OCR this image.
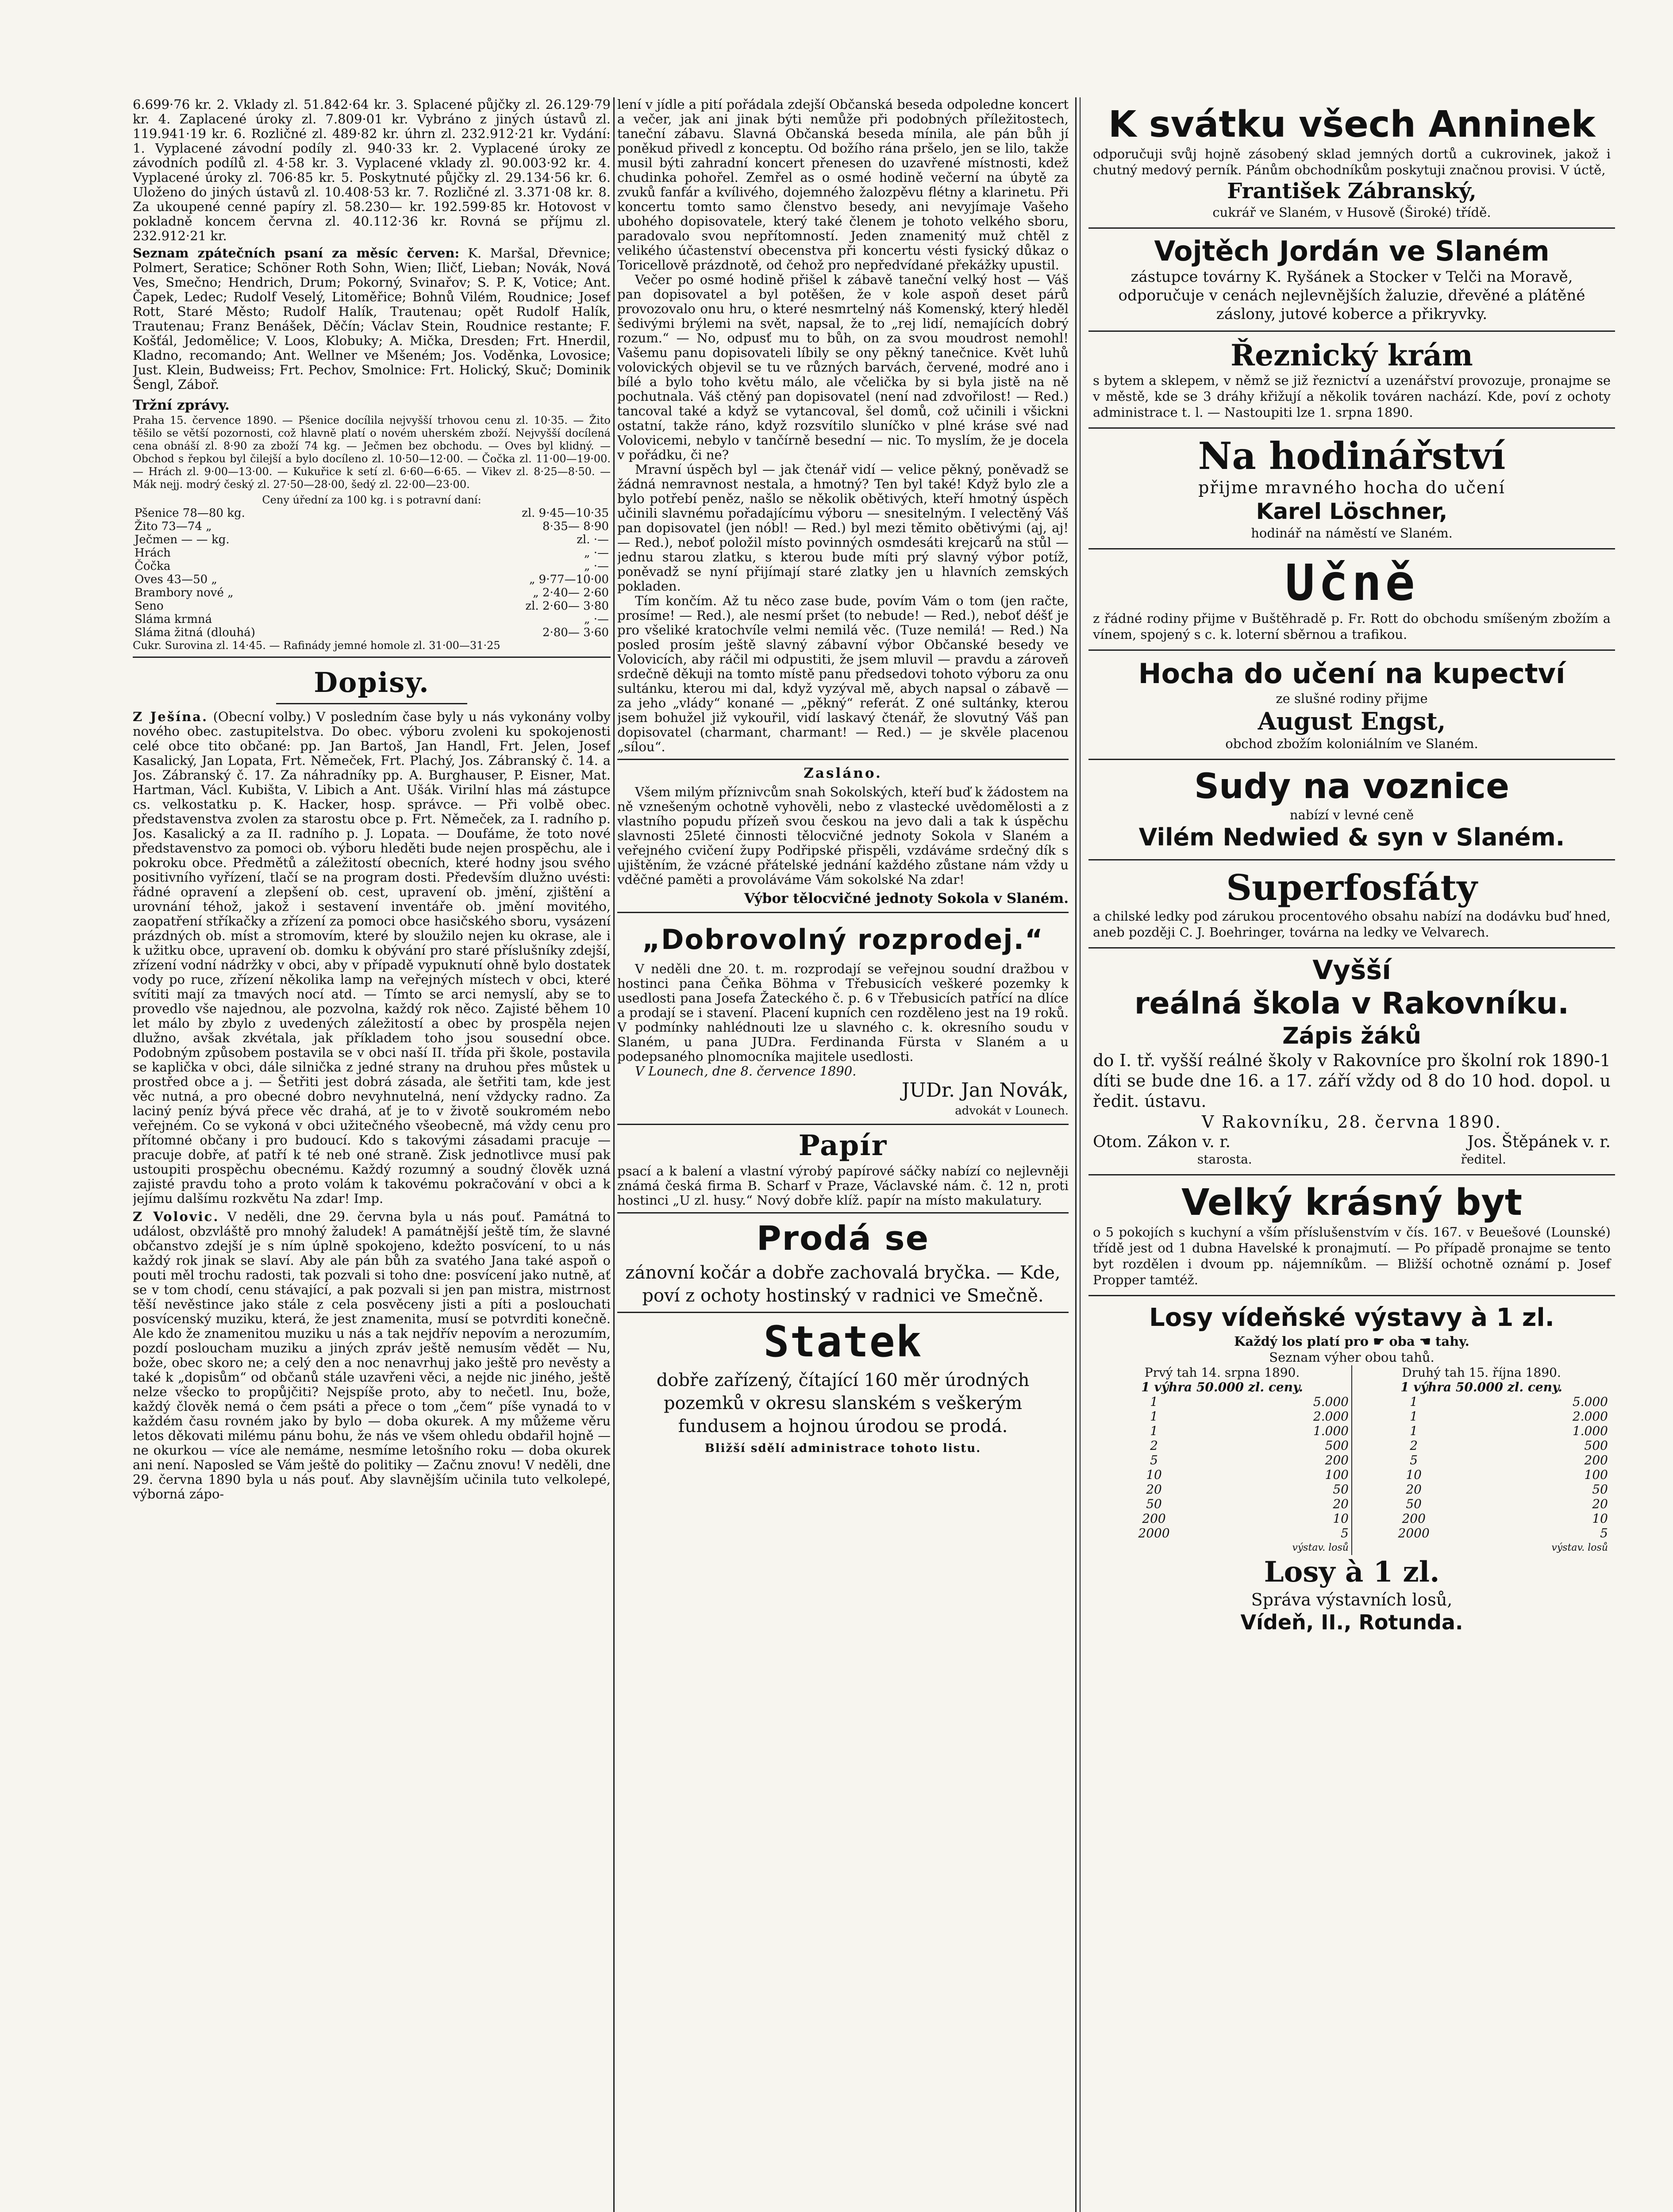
6.699·76 kr. 2. Vklady zl. 51.842·64 kr. 3. Splacené půjčky zl. 26.129·79 kr. 4. Zaplacené úroky zl. 7.809·01 kr. Vybráno z jiných ústavů zl. 119.941·19 kr. 6. Rozličné zl. 489·82 kr. úhrn zl. 232.912·21 kr. Vydání: 1. Vyplacené závodní podíly zl. 940·33 kr. 2. Vyplacené úroky ze závodních podílů zl. 4·58 kr. 3. Vyplacené vklady zl. 90.003·92 kr. 4. Vyplacené úroky zl. 706·85 kr. 5. Poskytnuté půjčky zl. 29.134·56 kr. 6. Uloženo do jiných ústavů zl. 10.408·53 kr. 7. Rozličné zl. 3.371·08 kr. 8. Za ukoupené cenné papíry zl. 58.230— kr. 192.599·85 kr. Hotovost v pokladně koncem června zl. 40.112·36 kr. Rovná se příjmu zl. 232.912·21 kr.

Seznam zpátečních psaní za měsíc červen: K. Maršal, Dřevnice; Polmert, Seratice; Schöner Roth Sohn, Wien; Iličť, Lieban; Novák, Nová Ves, Smečno; Hendrich, Drum; Pokorný, Svinařov; S. P. K, Votice; Ant. Čapek, Ledec; Rudolf Veselý, Litoměřice; Bohnů Vilém, Roudnice; Josef Rott, Staré Město; Rudolf Halík, Trautenau; opět Rudolf Halík, Trautenau; Franz Benášek, Děčín; Václav Stein, Roudnice restante; F. Košťál, Jedomělice; V. Loos, Klobuky; A. Mička, Dresden; Frt. Hnerdil, Kladno, recomando; Ant. Wellner ve Mšeném; Jos. Voděnka, Lovosice; Just. Klein, Budweiss; Frt. Pechov, Smolnice: Frt. Holický, Skuč; Dominik Šengl, Záboř.

Tržní zprávy.

Praha 15. července 1890. — Pšenice docílila nejvyšší trhovou cenu zl. 10·35. — Žito těšilo se větší pozornosti, což hlavně platí o novém uherském zboží. Nejvyšší docílená cena obnáší zl. 8·90 za zboží 74 kg. — Ječmen bez obchodu. — Oves byl klidný. — Obchod s řepkou byl čilejší a bylo docíleno zl. 10·50—12·00. — Čočka zl. 11·00—19·00. — Hrách zl. 9·00—13·00. — Kukuřice k setí zl. 6·60—6·65. — Vikev zl. 8·25—8·50. — Mák nejj. modrý český zl. 27·50—28·00, šedý zl. 22·00—23·00.

Ceny úřední za 100 kg. i s potravní daní:

Pšenice 78—80 kg.	zl. 9·45—10·35
Žito 73—74 „	8·35— 8·90
Ječmen — — kg.	zl. ·—
Hrách	„ ·—
Čočka	„ ·—
Oves 43—50 „	„ 9·77—10·00
Brambory nové „	„ 2·40— 2·60
Seno	zl. 2·60— 3·80
Sláma krmná	„ ·—
Sláma žitná (dlouhá)	2·80— 3·60

Cukr. Surovina zl. 14·45. — Rafinády jemné homole zl. 31·00—31·25

Dopisy.

Z Ješína. (Obecní volby.) V posledním čase byly u nás vykonány volby nového obec. zastupitelstva. Do obec. výboru zvoleni ku spokojenosti celé obce tito občané: pp. Jan Bartoš, Jan Handl, Frt. Jelen, Josef Kasalický, Jan Lopata, Frt. Němeček, Frt. Plachý, Jos. Zábranský č. 14. a Jos. Zábranský č. 17. Za náhradníky pp. A. Burghauser, P. Eisner, Mat. Hartman, Václ. Kubišta, V. Libich a Ant. Ušák. Virilní hlas má zástupce cs. velkostatku p. K. Hacker, hosp. správce. — Při volbě obec. představenstva zvolen za starostu obce p. Frt. Němeček, za I. radního p. Jos. Kasalický a za II. radního p. J. Lopata. — Doufáme, že toto nové představenstvo za pomoci ob. výboru hleděti bude nejen prospěchu, ale i pokroku obce. Předmětů a záležitostí obecních, které hodny jsou svého positivního vyřízení, tlačí se na program dosti. Především dlužno uvésti: řádné opravení a zlepšení ob. cest, upravení ob. jmění, zjištění a urovnání téhož, jakož i sestavení inventáře ob. jmění movitého, zaopatření stříkačky a zřízení za pomoci obce hasičského sboru, vysázení prázdných ob. míst a stromovím, které by sloužilo nejen ku okrase, ale i k užitku obce, upravení ob. domku k obývání pro staré příslušníky zdejší, zřízení vodní nádržky v obci, aby v případě vypuknutí ohně bylo dostatek vody po ruce, zřízení několika lamp na veřejných místech v obci, které svítiti mají za tmavých nocí atd. — Tímto se arci nemyslí, aby se to provedlo vše najednou, ale pozvolna, každý rok něco. Zajisté během 10 let málo by zbylo z uvedených záležitostí a obec by prospěla nejen dlužno, avšak zkvétala, jak příkladem toho jsou sousední obce. Podobným způsobem postavila se v obci naší II. třída při škole, postavila se kaplička v obci, dále silnička z jedné strany na druhou přes můstek u prostřed obce a j. — Šetřiti jest dobrá zásada, ale šetřiti tam, kde jest věc nutná, a pro obecné dobro nevyhnutelná, není vždycky radno. Za laciný peníz bývá přece věc drahá, ať je to v životě soukromém nebo veřejném. Co se vykoná v obci užitečného všeobecně, má vždy cenu pro přítomné občany i pro budoucí. Kdo s takovými zásadami pracuje — pracuje dobře, ať patří k té neb oné straně. Zisk jednotlivce musí pak ustoupiti prospěchu obecnému. Každý rozumný a soudný člověk uzná zajisté pravdu toho a proto volám k takovému pokračování v obci a k jejímu dalšímu rozkvětu Na zdar! Imp.

Z Volovic. V neděli, dne 29. června byla u nás pouť. Památná to událost, obzvláště pro mnohý žaludek! A památnější ještě tím, že slavné občanstvo zdejší je s ním úplně spokojeno, kdežto posvícení, to u nás každý rok jinak se slaví. Aby ale pán bůh za svatého Jana také aspoň o pouti měl trochu radosti, tak pozvali si toho dne: posvícení jako nutně, ať se v tom chodí, cenu stávající, a pak pozvali si jen pan mistra, mistrnost těší nevěstince jako stále z cela posvěceny jisti a píti a poslouchati posvícenský muziku, která, že jest znamenita, musí se potvrditi konečně. Ale kdo že znamenitou muziku u nás a tak nejdřív nepovím a nerozumím, pozdí posloucham muziku a jiných zpráv ještě nemusím vědět — Nu, bože, obec skoro ne; a celý den a noc nenavrhuj jako ještě pro nevěsty a také k „dopisům“ od občanů stále uzavřeni věci, a nejde nic jiného, ještě nelze všecko to propůjčiti? Nejspíše proto, aby to nečetl. Inu, bože, každý člověk nemá o čem psáti a přece o tom „čem“ píše vynadá to v každém času rovném jako by bylo — doba okurek. A my můžeme věru letos děkovati milému pánu bohu, že nás ve všem ohledu obdařil hojně — ne okurkou — více ale nemáme, nesmíme letošního roku — doba okurek ani není. Naposled se Vám ještě do politiky — Začnu znovu! V neděli, dne 29. června 1890 byla u nás pouť. Aby slavnějším učinila tuto velkolepé, výborná zápo-

lení v jídle a pití pořádala zdejší Občanská beseda odpoledne koncert a večer, jak ani jinak býti nemůže při podobných příležitostech, taneční zábavu. Slavná Občanská beseda mínila, ale pán bůh jí poněkud přivedl z konceptu. Od božího rána pršelo, jen se lilo, takže musil býti zahradní koncert přenesen do uzavřené místnosti, kdež chudinka pohořel. Zemřel as o osmé hodině večerní na úbytě za zvuků fanfár a kvílivého, dojemného žalozpěvu flétny a klarinetu. Při koncertu tomto samo členstvo besedy, ani nevyjímaje Vašeho ubohého dopisovatele, který také členem je tohoto velkého sboru, paradovalo svou nepřítomností. Jeden znamenitý muž chtěl z velikého účastenství obecenstva při koncertu vésti fysický důkaz o Toricellově prázdnotě, od čehož pro nepředvídané překážky upustil.

Večer po osmé hodině přišel k zábavě taneční velký host — Váš pan dopisovatel a byl potěšen, že v kole aspoň deset párů provozovalo onu hru, o které nesmrtelný náš Komenský, který hleděl šedivými brýlemi na svět, napsal, že to „rej lidí, nemajících dobrý rozum.“ — No, odpusť mu to bůh, on za svou moudrost nemohl! Vašemu panu dopisovateli líbily se ony pěkný tanečnice. Květ luhů volovických objevil se tu ve různých barvách, červené, modré ano i bílé a bylo toho květu málo, ale včelička by si byla jistě na ně pochutnala. Váš ctěný pan dopisovatel (není nad zdvořilost! — Red.) tancoval také a když se vytancoval, šel domů, což učinili i všickni ostatní, takže ráno, když rozsvítilo sluníčko v plné kráse své nad Volovicemi, nebylo v tančírně besední — nic. To myslím, že je docela v pořádku, či ne?

Mravní úspěch byl — jak čtenář vidí — velice pěkný, poněvadž se žádná nemravnost nestala, a hmotný? Ten byl také! Když bylo zle a bylo potřebí peněz, našlo se několik obětivých, kteří hmotný úspěch učinili slavnému pořadajícímu výboru — snesitelným. I velectěný Váš pan dopisovatel (jen nóbl! — Red.) byl mezi těmito obětivými (aj, aj! — Red.), neboť položil místo povinných osmdesáti krejcarů na stůl — jednu starou zlatku, s kterou bude míti prý slavný výbor potíž, poněvadž se nyní přijímají staré zlatky jen u hlavních zemských pokladen.

Tím končím. Až tu něco zase bude, povím Vám o tom (jen račte, prosíme! — Red.), ale nesmí pršet (to nebude! — Red.), neboť déšť je pro všeliké kratochvíle velmi nemilá věc. (Tuze nemilá! — Red.) Na posled prosím ještě slavný zábavní výbor Občanské besedy ve Volovicích, aby ráčil mi odpustiti, že jsem mluvil — pravdu a zároveň srdečně děkuji na tomto místě panu předsedovi tohoto výboru za onu sultánku, kterou mi dal, když vyzýval mě, abych napsal o zábavě — za jeho „vlády“ konané — „pěkný“ referát. Z oné sultánky, kterou jsem bohužel již vykouřil, vidí laskavý čtenář, že slovutný Váš pan dopisovatel (charmant, charmant! — Red.) — je skvěle placenou „sílou“.

Zasláno.

Všem milým příznivcům snah Sokolských, kteří buď k žádostem na ně vznešeným ochotně vyhověli, nebo z vlastecké uvědomělosti a z vlastního popudu přízeň svou českou na jevo dali a tak k úspěchu slavnosti 25leté činnosti tělocvičné jednoty Sokola v Slaném a veřejného cvičení župy Podřipské přispěli, vzdáváme srdečný dík s ujištěním, že vzácné přátelské jednání každého zůstane nám vždy u vděčné paměti a provoláváme Vám sokolské Na zdar!

Výbor tělocvičné jednoty Sokola v Slaném.

„Dobrovolný rozprodej.“

V neděli dne 20. t. m. rozprodají se veřejnou soudní dražbou v hostinci pana Čeňka Böhma v Třebusicích veškeré pozemky k usedlosti pana Josefa Žateckého č. p. 6 v Třebusicích patřící na dlíce a prodají se i stavení. Placení kupních cen rozděleno jest na 19 roků. V podmínky nahlédnouti lze u slavného c. k. okresního soudu v Slaném, u pana JUDra. Ferdinanda Fürsta v Slaném a u podepsaného plnomocníka majitele usedlosti.

V Lounech, dne 8. července 1890.

JUDr. Jan Novák,

advokát v Lounech.

Papír

psací a k balení a vlastní výrobý papírové sáčky nabízí co nejlevněji známá česká firma B. Scharf v Praze, Václavské nám. č. 12 n, proti hostinci „U zl. husy.“ Nový dobře klíž. papír na místo makulatury.

Prodá se

zánovní kočár a dobře zachovalá bryčka. — Kde, poví z ochoty hostinský v radnici ve Smečně.

Statek

dobře zařízený, čítající 160 měr úrodných pozemků v okresu slanském s veškerým fundusem a hojnou úrodou se prodá.

Bližší sdělí administrace tohoto listu.

K svátku všech Anninek

odporučuji svůj hojně zásobený sklad jemných dortů a cukrovinek, jakož i chutný medový perník. Pánům obchodníkům poskytuji značnou provisi. V úctě,

František Zábranský,

cukrář ve Slaném, v Husově (Široké) třídě.

Vojtěch Jordán ve Slaném

zástupce továrny K. Ryšánek a Stocker v Telči na Moravě, odporučuje v cenách nejlevnějších žaluzie, dřevěné a plátěné záslony, jutové koberce a přikryvky.

Řeznický krám

s bytem a sklepem, v němž se již řeznictví a uzenářství provozuje, pronajme se v městě, kde se 3 dráhy křižují a několik továren nachází. Kde, poví z ochoty administrace t. l. — Nastoupiti lze 1. srpna 1890.

Na hodinářství

přijme mravného hocha do učení

Karel Löschner,

hodinář na náměstí ve Slaném.

Učně

z řádné rodiny přijme v Buštěhradě p. Fr. Rott do obchodu smíšeným zbožím a vínem, spojený s c. k. loterní sběrnou a trafikou.

Hocha do učení na kupectví

ze slušné rodiny přijme

August Engst,

obchod zbožím koloniálním ve Slaném.

Sudy na voznice

nabízí v levné ceně

Vilém Nedwied & syn v Slaném.

Superfosfáty

a chilské ledky pod zárukou procentového obsahu nabízí na dodávku buď hned, aneb později C. J. Boehringer, továrna na ledky ve Velvarech.

Vyšší
reálná škola v Rakovníku.
Zápis žáků

do I. tř. vyšší reálné školy v Rakovníce pro školní rok 1890-1 díti se bude dne 16. a 17. září vždy od 8 do 10 hod. dopol. u ředit. ústavu.

V Rakovníku, 28. června 1890.

Otom. Zákon v. r.	Jos. Štěpánek v. r.
starosta.	ředitel.
Velký krásný byt

o 5 pokojích s kuchyní a vším příslušenstvím v čís. 167. v Beuešové (Lounské) třídě jest od 1 dubna Havelské k pronajmutí. — Po případě pronajme se tento byt rozdělen i dvoum pp. nájemníkům. — Bližší ochotně oznámí p. Josef Propper tamtéž.

Losy vídeňské výstavy à 1 zl.

Každý los platí pro ☛ oba ☚ tahy.

Seznam výher obou tahů.

Prvý tah 14. srpna 1890.		Druhý tah 15. října 1890.	
1 výhra 50.000 zl. ceny.		1 výhra 50.000 zl. ceny.	
1	5.000	1	5.000
1	2.000	1	2.000
1	1.000	1	1.000
2	500	2	500
5	200	5	200
10	100	10	100
20	50	20	50
50	20	50	20
200	10	200	10
2000	5	2000	5
výstav. losů		výstav. losů	
Losy à 1 zl.

Správa výstavních losů,

Vídeň, II., Rotunda.
